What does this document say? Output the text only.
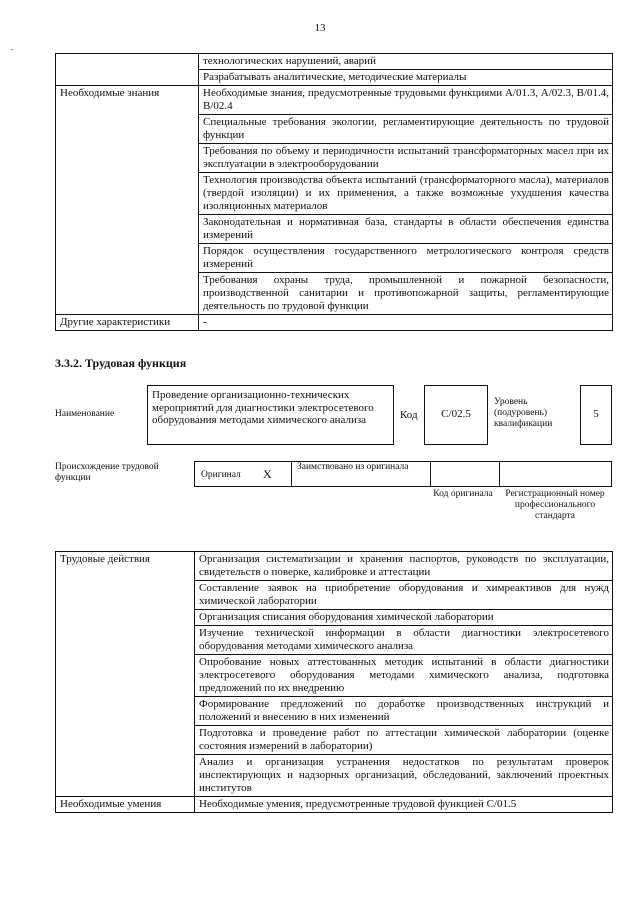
13
-
	технологических нарушений, аварий
	Разрабатывать аналитические, методические материалы
Необходимые знания	Необходимые знания, предусмотренные трудовыми функциями А/01.3, А/02.3, В/01.4, В/02.4
	Специальные требования экологии, регламентирующие деятельность по трудовой функции
	Требования по объему и периодичности испытаний трансформаторных масел при их эксплуатации в электрооборудовании
	Технология производства объекта испытаний (трансформаторного масла), материалов (твердой изоляции) и их применения, а также возможные ухудшения качества изоляционных материалов
	Законодательная и нормативная база, стандарты в области обеспечения единства измерений
	Порядок осуществления государственного метрологического контроля средств измерений
	Требования охраны труда, промышленной и пожарной безопасности, производственной санитарии и противопожарной защиты, регламентирующие деятельность по трудовой функции
Другие характеристики	-
3.3.2. Трудовая функция
Наименование
Проведение организационно-технических мероприятий для диагностики электросетевого оборудования методами химического анализа	Код	С/02.5
Уровень (подуровень) квалификации
5
Происхождение трудовой функции	Оригинал X	Заимствовано из оригинала
Код оригинала	Регистрационный номер профессионального стандарта
Трудовые действия	Организация систематизации и хранения паспортов, руководств по эксплуатации, свидетельств о поверке, калибровке и аттестации
	Составление заявок на приобретение оборудования и химреактивов для нужд химической лаборатории
	Организация списания оборудования химической лаборатории
	Изучение технической информации в области диагностики электросетевого оборудования методами химического анализа
	Опробование новых аттестованных методик испытаний в области диагностики электросетевого оборудования методами химического анализа, подготовка предложений по их внедрению
	Формирование предложений по доработке производственных инструкций и положений и внесению в них изменений
	Подготовка и проведение работ по аттестации химической лаборатории (оценке состояния измерений в лаборатории)
	Анализ и организация устранения недостатков по результатам проверок инспектирующих и надзорных организаций, обследований, заключений проектных институтов
Необходимые умения	Необходимые умения, предусмотренные трудовой функцией С/01.5
